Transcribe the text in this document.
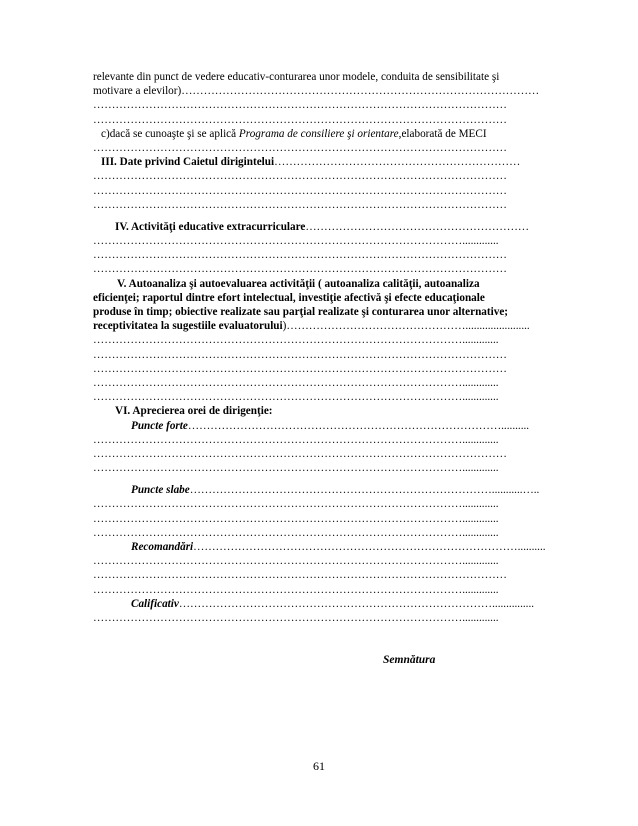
relevante din punct de vedere educativ-conturarea unor modele, conduita de sensibilitate şi
motivare a elevilor)……………………………………………………………………………………
…………………………………………………………………………………………………
…………………………………………………………………………………………………
c)dacă se cunoaşte şi se aplică Programa de consiliere şi orientare,elaborată de MECI
…………………………………………………………………………………………………
III. Date privind Caietul dirigintelui…………………………………………………………
…………………………………………………………………………………………………
…………………………………………………………………………………………………
…………………………………………………………………………………………………
IV. Activităţi educative extracurriculare……………………………………………………
……………………………………………………………………………………….............
…………………………………………………………………………………………………
…………………………………………………………………………………………………
V. Autoanaliza şi autoevaluarea activităţii ( autoanaliza calităţii, autoanaliza
eficienţei; raportul dintre efort intelectual, investiţie afectivă şi efecte educaţionale
produse în timp; obiective realizate sau parţial realizate şi conturarea unor alternative;
receptivitatea la sugestiile evaluatorului)………………………………………….......................
……………………………………………………………………………………….............
…………………………………………………………………………………………………
…………………………………………………………………………………………………
……………………………………………………………………………………….............
……………………………………………………………………………………….............
VI. Aprecierea orei de dirigenţie:
Puncte forte…………………………………………………………………………..........
……………………………………………………………………………………….............
…………………………………………………………………………………………………
……………………………………………………………………………………….............
Puncte slabe………………………………………………………………………...........…..
……………………………………………………………………………………….............
……………………………………………………………………………………….............
……………………………………………………………………………………….............
Recomandări……………………………………………………………………………..........
……………………………………………………………………………………….............
…………………………………………………………………………………………………
……………………………………………………………………………………….............
Calificativ…………………………………………………………………………...............
……………………………………………………………………………………….............
Semnătura
61
